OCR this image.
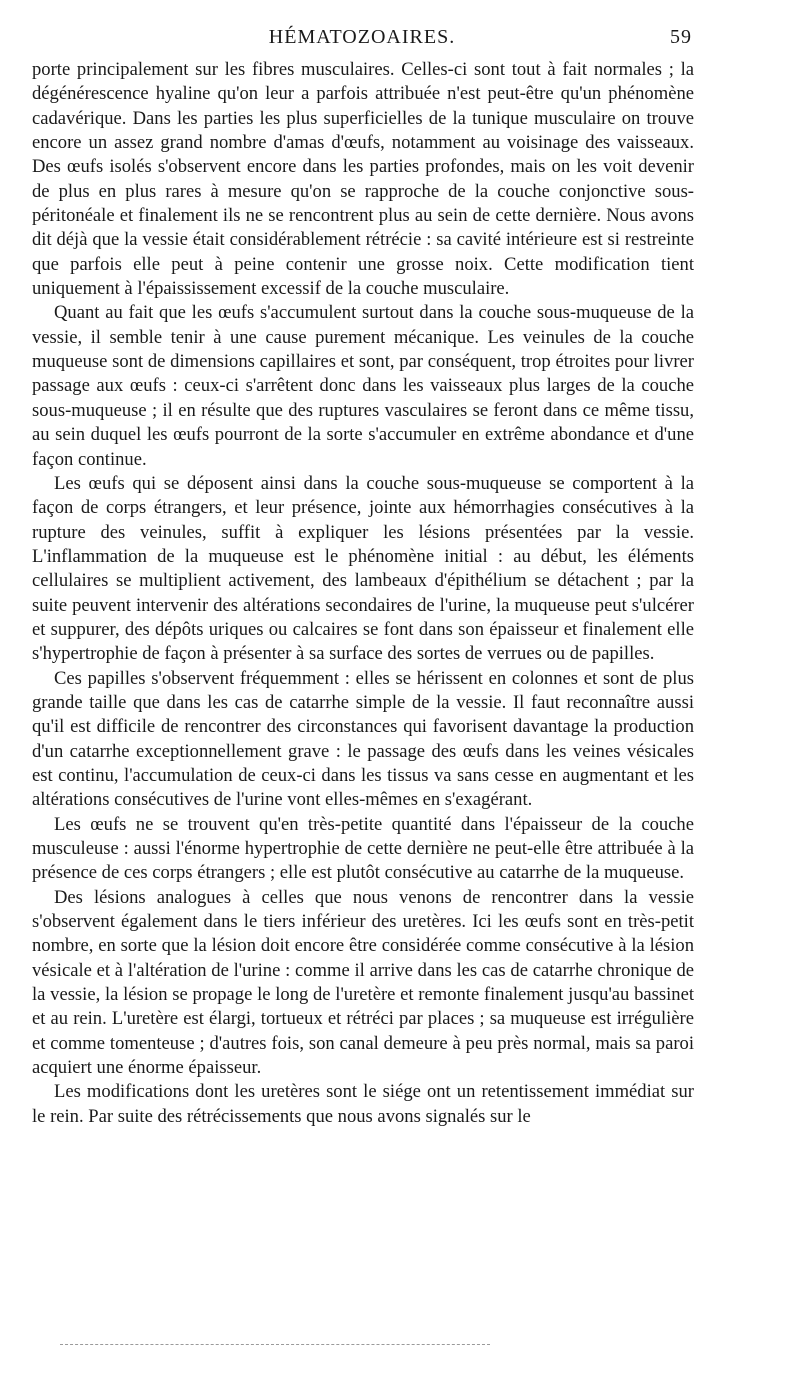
HÉMATOZOAIRES.	59

porte principalement sur les fibres musculaires. Celles-ci sont tout à fait normales ; la dégénérescence hyaline qu'on leur a parfois attribuée n'est peut-être qu'un phénomène cadavérique. Dans les parties les plus superficielles de la tunique musculaire on trouve encore un assez grand nombre d'amas d'œufs, notamment au voisinage des vaisseaux. Des œufs isolés s'observent encore dans les parties profondes, mais on les voit devenir de plus en plus rares à mesure qu'on se rapproche de la couche conjonctive sous-péritonéale et finalement ils ne se rencontrent plus au sein de cette dernière. Nous avons dit déjà que la vessie était considérablement rétrécie : sa cavité intérieure est si restreinte que parfois elle peut à peine contenir une grosse noix. Cette modification tient uniquement à l'épaississement excessif de la couche musculaire.

Quant au fait que les œufs s'accumulent surtout dans la couche sous-muqueuse de la vessie, il semble tenir à une cause purement mécanique. Les veinules de la couche muqueuse sont de dimensions capillaires et sont, par conséquent, trop étroites pour livrer passage aux œufs : ceux-ci s'arrêtent donc dans les vaisseaux plus larges de la couche sous-muqueuse ; il en résulte que des ruptures vasculaires se feront dans ce même tissu, au sein duquel les œufs pourront de la sorte s'accumuler en extrême abondance et d'une façon continue.

Les œufs qui se déposent ainsi dans la couche sous-muqueuse se comportent à la façon de corps étrangers, et leur présence, jointe aux hémorrhagies consécutives à la rupture des veinules, suffit à expliquer les lésions présentées par la vessie. L'inflammation de la muqueuse est le phénomène initial : au début, les éléments cellulaires se multiplient activement, des lambeaux d'épithélium se détachent ; par la suite peuvent intervenir des altérations secondaires de l'urine, la muqueuse peut s'ulcérer et suppurer, des dépôts uriques ou calcaires se font dans son épaisseur et finalement elle s'hypertrophie de façon à présenter à sa surface des sortes de verrues ou de papilles.

Ces papilles s'observent fréquemment : elles se hérissent en colonnes et sont de plus grande taille que dans les cas de catarrhe simple de la vessie. Il faut reconnaître aussi qu'il est difficile de rencontrer des circonstances qui favorisent davantage la production d'un catarrhe exceptionnellement grave : le passage des œufs dans les veines vésicales est continu, l'accumulation de ceux-ci dans les tissus va sans cesse en augmentant et les altérations consécutives de l'urine vont elles-mêmes en s'exagérant.

Les œufs ne se trouvent qu'en très-petite quantité dans l'épaisseur de la couche musculeuse : aussi l'énorme hypertrophie de cette dernière ne peut-elle être attribuée à la présence de ces corps étrangers ; elle est plutôt consécutive au catarrhe de la muqueuse.

Des lésions analogues à celles que nous venons de rencontrer dans la vessie s'observent également dans le tiers inférieur des uretères. Ici les œufs sont en très-petit nombre, en sorte que la lésion doit encore être considérée comme consécutive à la lésion vésicale et à l'altération de l'urine : comme il arrive dans les cas de catarrhe chronique de la vessie, la lésion se propage le long de l'uretère et remonte finalement jusqu'au bassinet et au rein. L'uretère est élargi, tortueux et rétréci par places ; sa muqueuse est irrégulière et comme tomenteuse ; d'autres fois, son canal demeure à peu près normal, mais sa paroi acquiert une énorme épaisseur.

Les modifications dont les uretères sont le siége ont un retentissement immédiat sur le rein. Par suite des rétrécissements que nous avons signalés sur le
